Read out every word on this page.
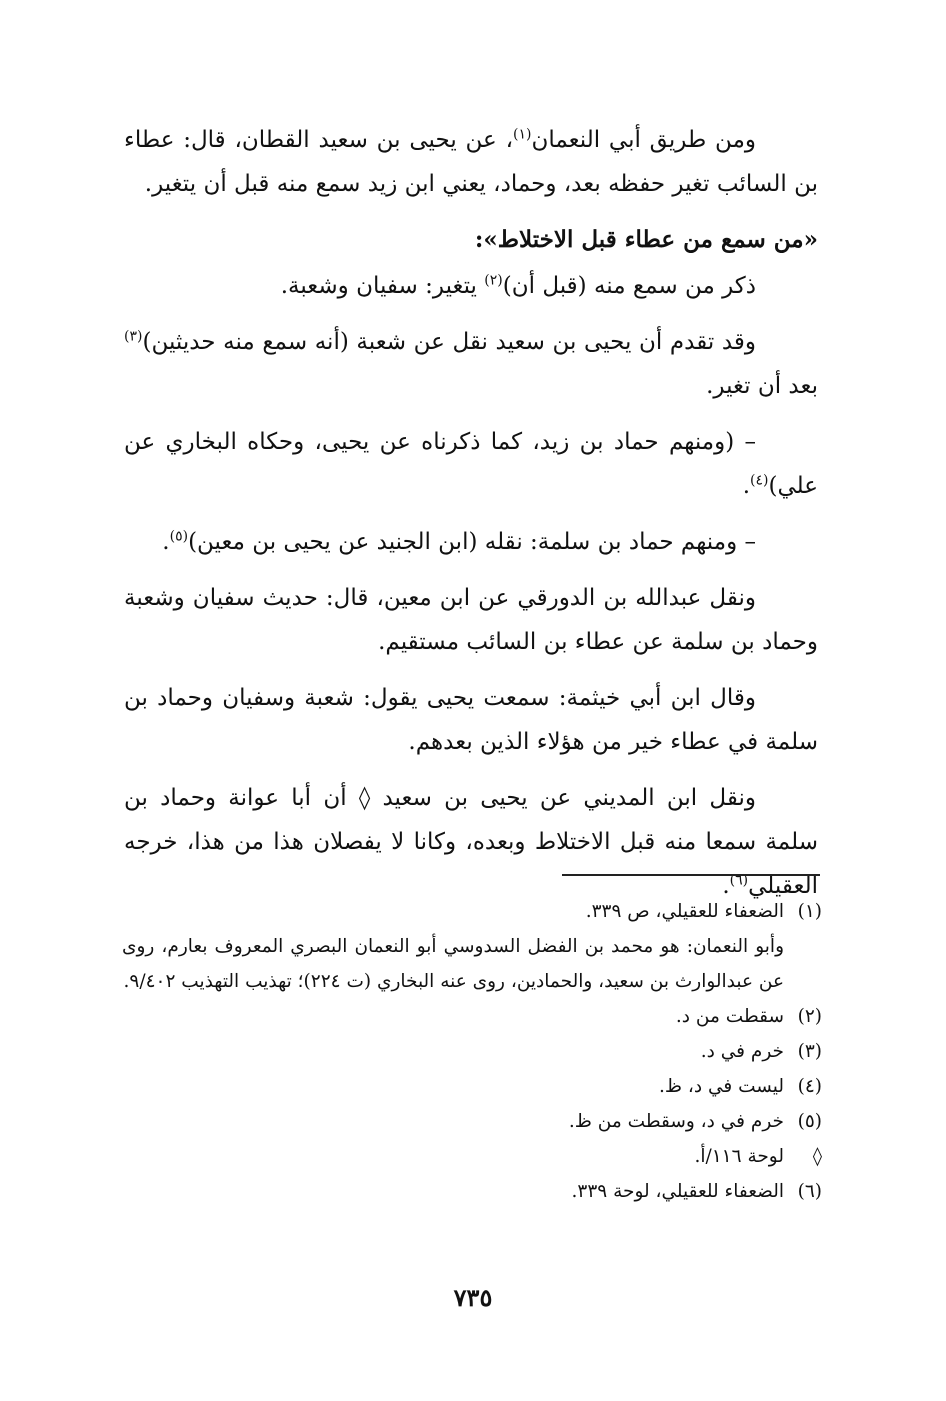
ومن طريق أبي النعمان$^{(١)}$، عن يحيى بن سعيد القطان، قال: عطاء بن السائب تغير حفظه بعد، وحماد، يعني ابن زيد سمع منه قبل أن يتغير.

«من سمع من عطاء قبل الاختلاط»:

ذكر من سمع منه (قبل أن)$^{(٢)}$ يتغير: سفيان وشعبة.

وقد تقدم أن يحيى بن سعيد نقل عن شعبة (أنه سمع منه حديثين)$^{(٣)}$ بعد أن تغير.

– (ومنهم حماد بن زيد، كما ذكرناه عن يحيى، وحكاه البخاري عن علي)$^{(٤)}$.

– ومنهم حماد بن سلمة: نقله (ابن الجنيد عن يحيى بن معين)$^{(٥)}$.

ونقل عبدالله بن الدورقي عن ابن معين، قال: حديث سفيان وشعبة وحماد بن سلمة عن عطاء بن السائب مستقيم.

وقال ابن أبي خيثمة: سمعت يحيى يقول: شعبة وسفيان وحماد بن سلمة في عطاء خير من هؤلاء الذين بعدهم.

ونقل ابن المديني عن يحيى بن سعيد ◊ أن أبا عوانة وحماد بن سلمة سمعا منه قبل الاختلاط وبعده، وكانا لا يفصلان هذا من هذا، خرجه العقيلي$^{(٦)}$.

(١)
الضعفاء للعقيلي، ص ٣٣٩.
وأبو النعمان: هو محمد بن الفضل السدوسي أبو النعمان البصري المعروف بعارم، روى عن عبدالوارث بن سعيد، والحمادين، روى عنه البخاري (ت ٢٢٤)؛ تهذيب التهذيب ٩/٤٠٢.
(٢)
سقطت من د.
(٣)
خرم في د.
(٤)
ليست في د، ظ.
(٥)
خرم في د، وسقطت من ظ.
◊
لوحة ١١٦/أ.
(٦)
الضعفاء للعقيلي، لوحة ٣٣٩.
٧٣٥
